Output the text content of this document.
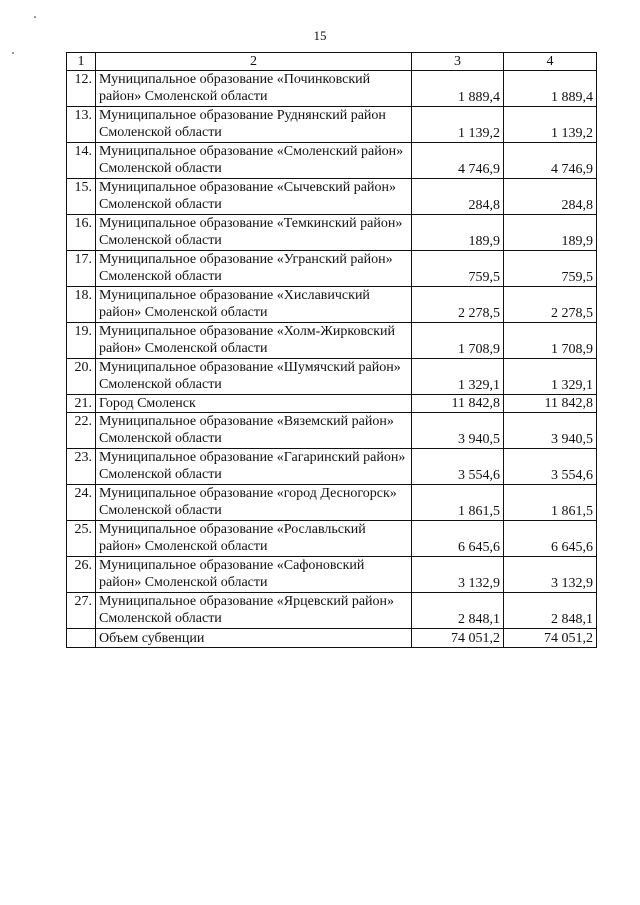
15
1	2	3	4
12.	Муниципальное образование «Починковский район» Смоленской области	1 889,4	1 889,4
13.	Муниципальное образование Руднянский район Смоленской области	1 139,2	1 139,2
14.	Муниципальное образование «Смоленский район» Смоленской области	4 746,9	4 746,9
15.	Муниципальное образование «Сычевский район» Смоленской области	284,8	284,8
16.	Муниципальное образование «Темкинский район» Смоленской области	189,9	189,9
17.	Муниципальное образование «Угранский район» Смоленской области	759,5	759,5
18.	Муниципальное образование «Хиславичский район» Смоленской области	2 278,5	2 278,5
19.	Муниципальное образование «Холм-Жирковский район» Смоленской области	1 708,9	1 708,9
20.	Муниципальное образование «Шумячский район» Смоленской области	1 329,1	1 329,1
21.	Город Смоленск	11 842,8	11 842,8
22.	Муниципальное образование «Вяземский район» Смоленской области	3 940,5	3 940,5
23.	Муниципальное образование «Гагаринский район» Смоленской области	3 554,6	3 554,6
24.	Муниципальное образование «город Десногорск» Смоленской области	1 861,5	1 861,5
25.	Муниципальное образование «Рославльский район» Смоленской области	6 645,6	6 645,6
26.	Муниципальное образование «Сафоновский район» Смоленской области	3 132,9	3 132,9
27.	Муниципальное образование «Ярцевский район» Смоленской области	2 848,1	2 848,1
	Объем субвенции	74 051,2	74 051,2
